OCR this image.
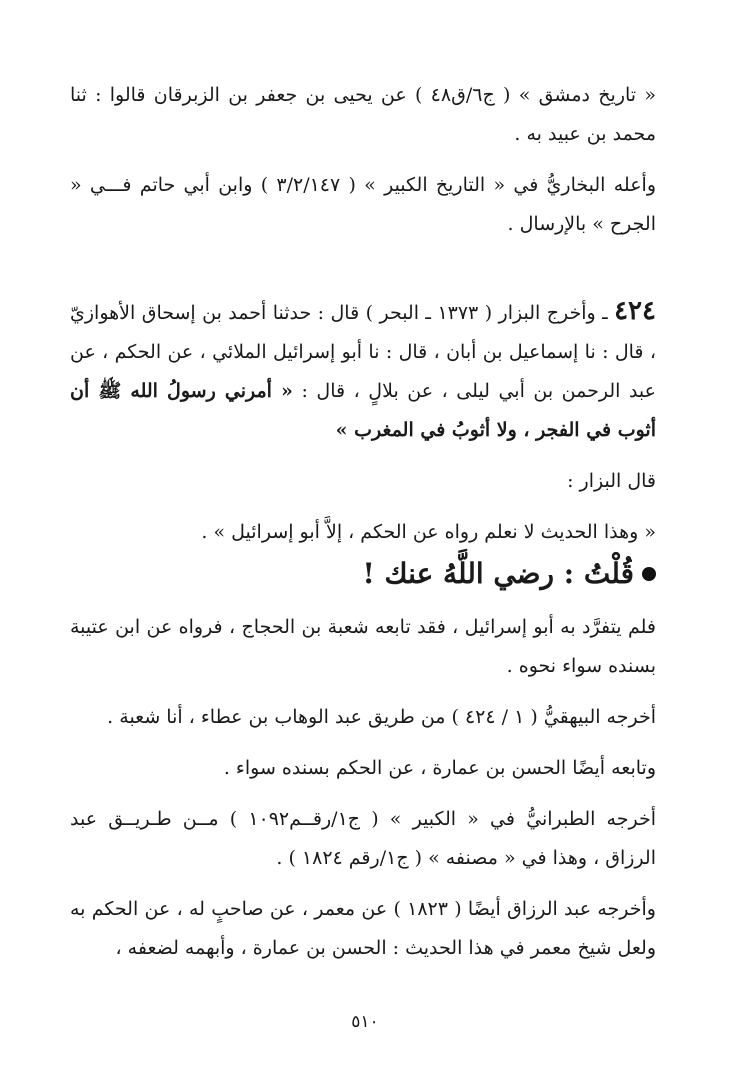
« تاريخ دمشق » ( ج٦/ق٤٨ ) عن يحيى بن جعفر بن الزبرقان قالوا : ثنا محمد بن عبيد به .

وأعله البخاريُّ في « التاريخ الكبير » ( ٣/٢/١٤٧ ) وابن أبي حاتم فـــي « الجرح » بالإرسال .

٤٢٤ ـ وأخرج البزار ( ١٣٧٣ ـ البحر ) قال : حدثنا أحمد بن إسحاق الأهوازيّ ، قال : نا إسماعيل بن أبان ، قال : نا أبو إسرائيل الملائي ، عن الحكم ، عن عبد الرحمن بن أبي ليلى ، عن بلالٍ ، قال : « أمرني رسولُ الله ﷺ أن أثوب في الفجر ، ولا أثوبُ في المغرب »

قال البزار :

« وهذا الحديث لا نعلم رواه عن الحكم ، إلاَّ أبو إسرائيل » .

قُلْتُ : رضي اللَّهُ عنك !

فلم يتفرَّد به أبو إسرائيل ، فقد تابعه شعبة بن الحجاج ، فرواه عن ابن عتيبة بسنده سواء نحوه .

أخرجه البيهقيُّ ( ١ / ٤٢٤ ) من طريق عبد الوهاب بن عطاء ، أنا شعبة .

وتابعه أيضًا الحسن بن عمارة ، عن الحكم بسنده سواء .

أخرجه الطبرانيُّ في « الكبير » ( ج١/رقــم١٠٩٢ ) مــن طـريــق عبد الرزاق ، وهذا في « مصنفه » ( ج١/رقم ١٨٢٤ ) .

وأخرجه عبد الرزاق أيضًا ( ١٨٢٣ ) عن معمر ، عن صاحبٍ له ، عن الحكم به ولعل شيخ معمر في هذا الحديث : الحسن بن عمارة ، وأبهمه لضعفه ،

٥١٠
